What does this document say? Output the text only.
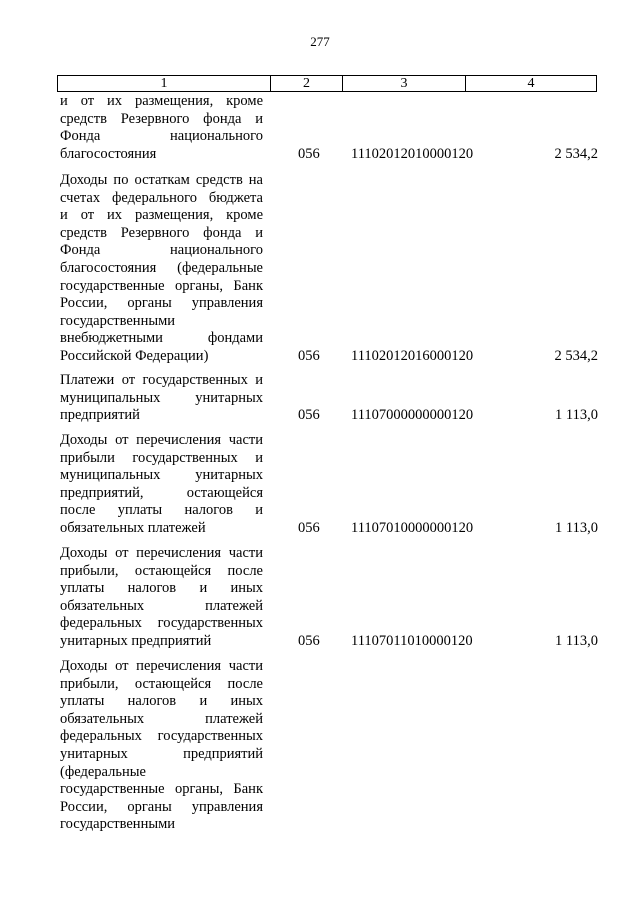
277
1	2	3	4
и от их размещения, кроме
средств Резервного фонда и
Фонда национального
благосостояния	056 11102012010000120	2 534,2
Доходы по остаткам средств на
счетах федерального бюджета
и от их размещения, кроме
средств Резервного фонда и
Фонда национального
благосостояния (федеральные
государственные органы, Банк
России, органы управления
государственными
внебюджетными фондами
Российской Федерации)	056 11102012016000120	2 534,2
Платежи от государственных и
муниципальных унитарных
предприятий	056 11107000000000120	1 113,0
Доходы от перечисления части
прибыли государственных и
муниципальных унитарных
предприятий, остающейся
после уплаты налогов и
обязательных платежей	056 11107010000000120	1 113,0
Доходы от перечисления части
прибыли, остающейся после
уплаты налогов и иных
обязательных платежей
федеральных государственных
унитарных предприятий	056 11107011010000120	1 113,0
Доходы от перечисления части
прибыли, остающейся после
уплаты налогов и иных
обязательных платежей
федеральных государственных
унитарных предприятий
(федеральные
государственные органы, Банк
России, органы управления
государственными
